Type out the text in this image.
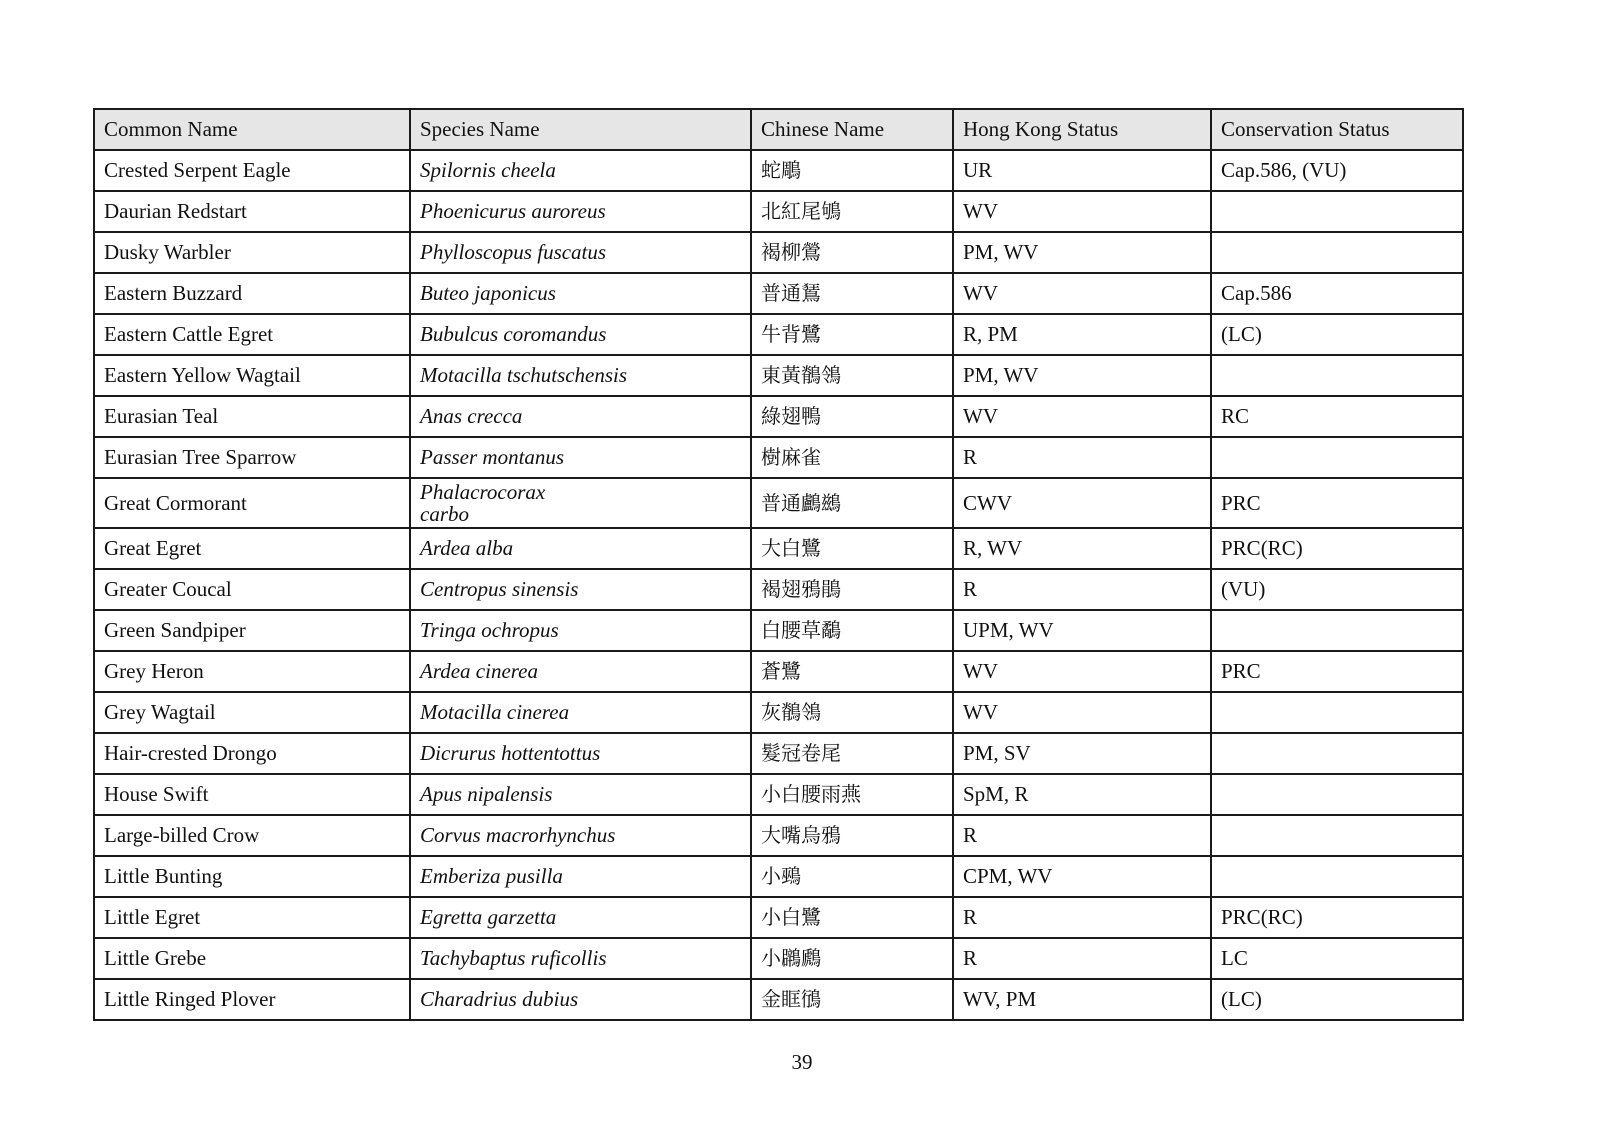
Common Name	Species Name	Chinese Name	Hong Kong Status	Conservation Status
Crested Serpent Eagle	Spilornis cheela	蛇鵰	UR	Cap.586, (VU)
Daurian Redstart	Phoenicurus auroreus	北紅尾鴝	WV	
Dusky Warbler	Phylloscopus fuscatus	褐柳鶯	PM, WV	
Eastern Buzzard	Buteo japonicus	普通鵟	WV	Cap.586
Eastern Cattle Egret	Bubulcus coromandus	牛背鷺	R, PM	(LC)
Eastern Yellow Wagtail	Motacilla tschutschensis	東黃鶺鴒	PM, WV	
Eurasian Teal	Anas crecca	綠翅鴨	WV	RC
Eurasian Tree Sparrow	Passer montanus	樹麻雀	R	
Great Cormorant	Phalacrocorax carbo	普通鸕鷀	CWV	PRC
Great Egret	Ardea alba	大白鷺	R, WV	PRC(RC)
Greater Coucal	Centropus sinensis	褐翅鴉鵑	R	(VU)
Green Sandpiper	Tringa ochropus	白腰草鷸	UPM, WV	
Grey Heron	Ardea cinerea	蒼鷺	WV	PRC
Grey Wagtail	Motacilla cinerea	灰鶺鴒	WV	
Hair-crested Drongo	Dicrurus hottentottus	髮冠卷尾	PM, SV	
House Swift	Apus nipalensis	小白腰雨燕	SpM, R	
Large-billed Crow	Corvus macrorhynchus	大嘴烏鴉	R	
Little Bunting	Emberiza pusilla	小鵐	CPM, WV	
Little Egret	Egretta garzetta	小白鷺	R	PRC(RC)
Little Grebe	Tachybaptus ruficollis	小鸊鷉	R	LC
Little Ringed Plover	Charadrius dubius	金眶鴴	WV, PM	(LC)
39
